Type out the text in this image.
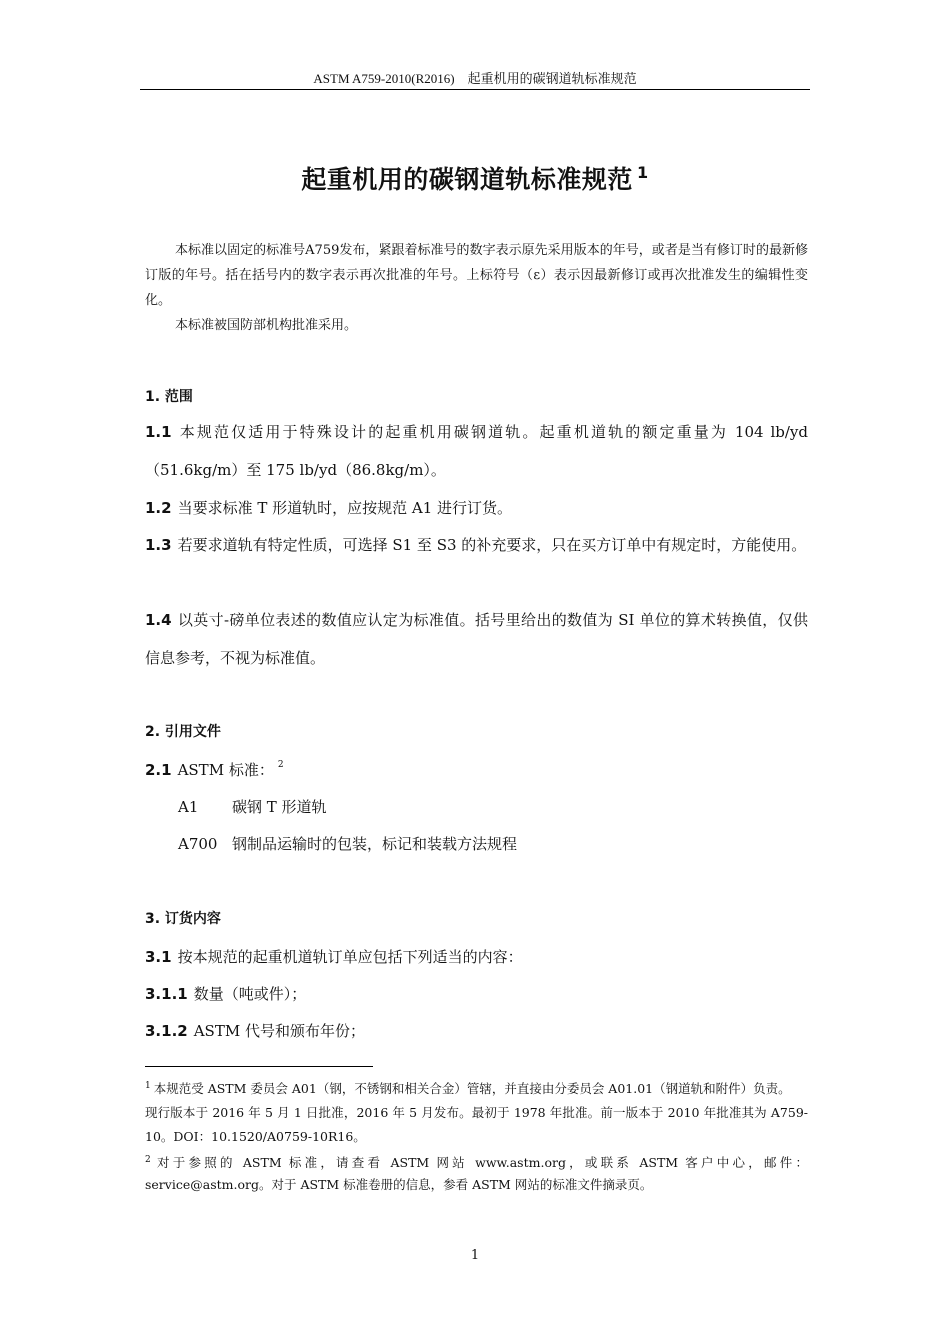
ASTM A759-2010(R2016)　起重机用的碳钢道轨标准规范
起重机用的碳钢道轨标准规范 $^1$

本标准以固定的标准号A759发布，紧跟着标准号的数字表示原先采用版本的年号，或者是当有修订时的最新修订版的年号。括在括号内的数字表示再次批准的年号。上标符号（ε）表示因最新修订或再次批准发生的编辑性变化。

本标准被国防部机构批准采用。

1. 范围
1.1 本规范仅适用于特殊设计的起重机用碳钢道轨。起重机道轨的额定重量为 104 lb/yd（51.6kg/m）至 175 lb/yd（86.8kg/m）。
1.2 当要求标准 T 形道轨时，应按规范 A1 进行订货。
1.3 若要求道轨有特定性质，可选择 S1 至 S3 的补充要求，只在买方订单中有规定时，方能使用。
1.4 以英寸-磅单位表述的数值应认定为标准值。括号里给出的数值为 SI 单位的算术转换值，仅供信息参考，不视为标准值。
2. 引用文件
2.1 ASTM 标准： $^2$
A1 碳钢 T 形道轨
A700 钢制品运输时的包装，标记和装载方法规程
3. 订货内容
3.1 按本规范的起重机道轨订单应包括下列适当的内容：
3.1.1 数量（吨或件）；
3.1.2 ASTM 代号和颁布年份；

$^1$ 本规范受 ASTM 委员会 A01（钢，不锈钢和相关合金）管辖，并直接由分委员会 A01.01（钢道轨和附件）负责。

现行版本于 2016 年 5 月 1 日批准，2016 年 5 月发布。最初于 1978 年批准。前一版本于 2010 年批准其为 A759-10。DOI：10.1520/A0759-10R16。

$^2$ 对于参照的 ASTM 标准，请查看 ASTM 网站 www.astm.org，或联系 ASTM 客户中心，邮件：service@astm.org。对于 ASTM 标准卷册的信息，参看 ASTM 网站的标准文件摘录页。

1
